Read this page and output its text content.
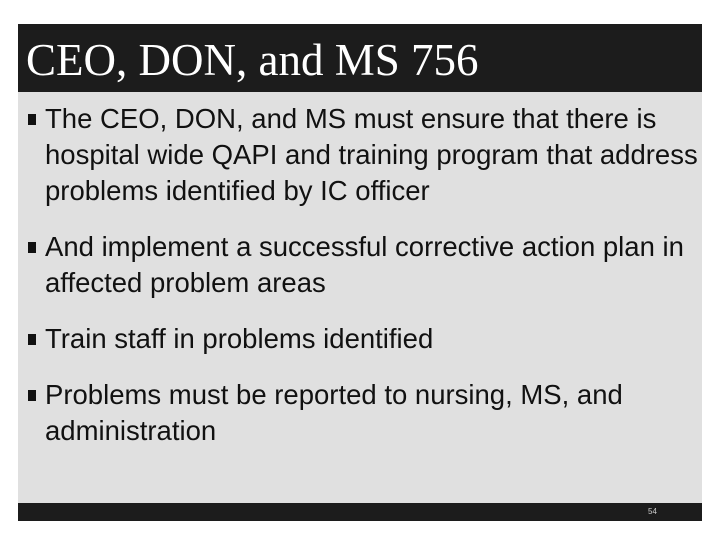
CEO, DON, and MS 756
The CEO, DON, and MS must ensure that there is hospital wide QAPI and training program that address problems identified by IC officer
And implement a successful corrective action plan in affected problem areas
Train staff in problems identified
Problems must be reported to nursing, MS, and administration
54
